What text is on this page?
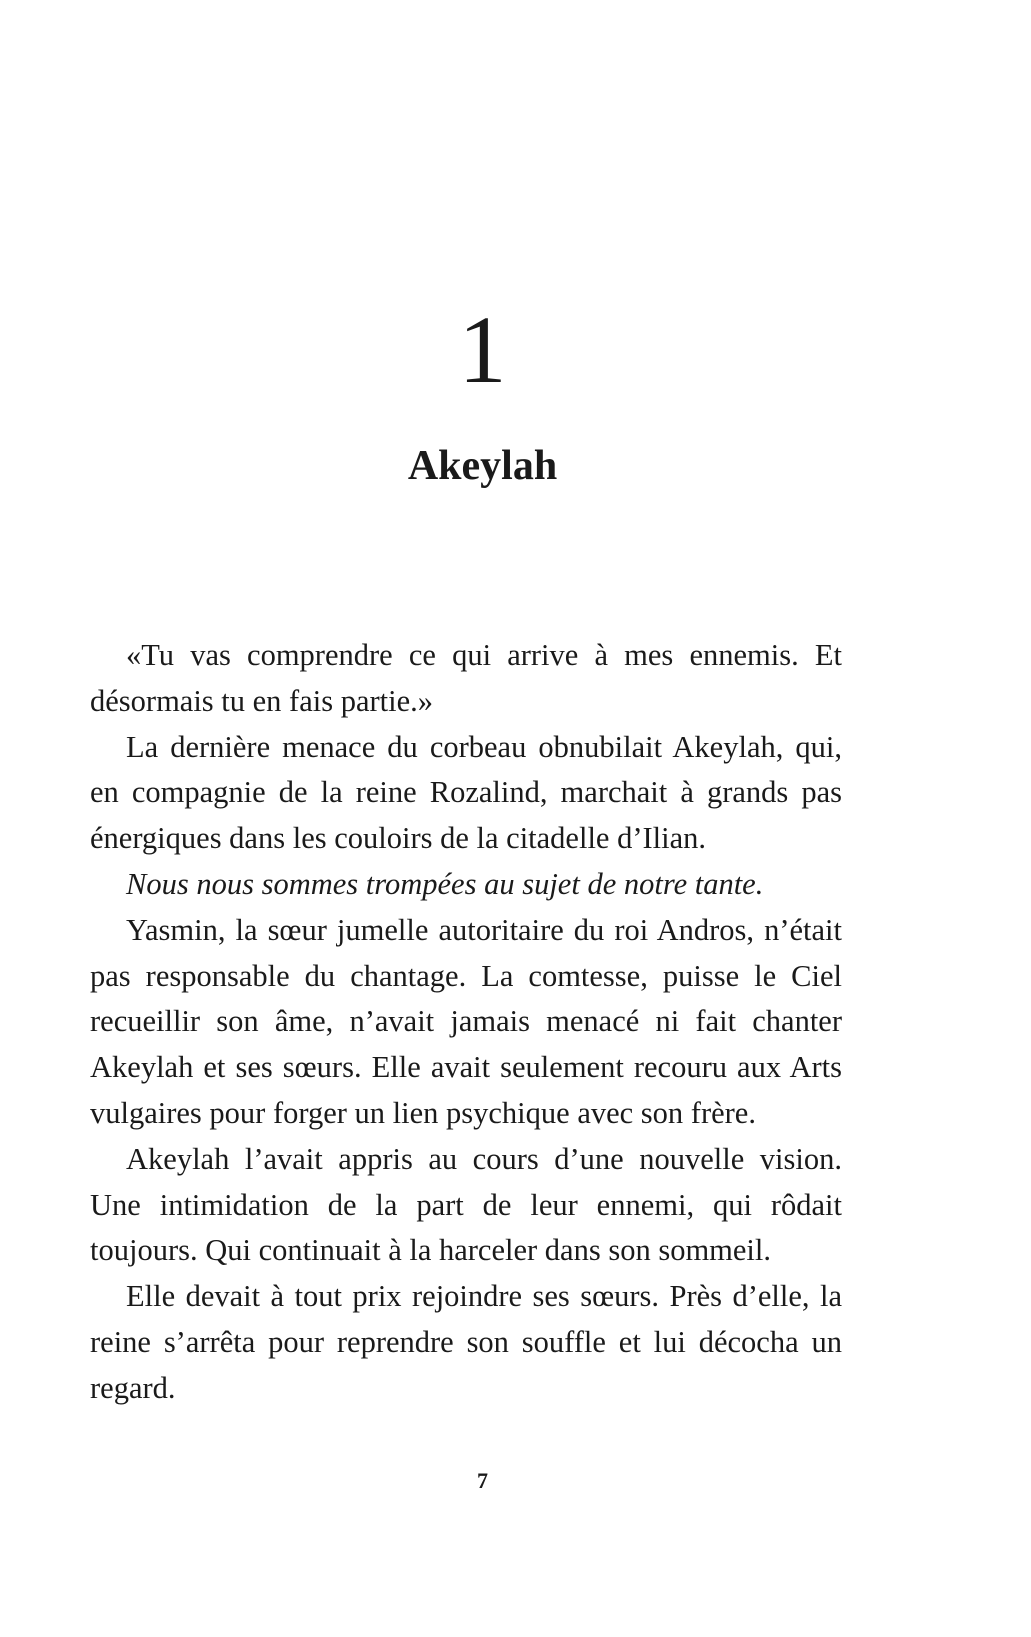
1
Akeylah

«Tu vas comprendre ce qui arrive à mes ennemis. Et désormais tu en fais partie.»

La dernière menace du corbeau obnubilait Akeylah, qui, en compagnie de la reine Rozalind, marchait à grands pas énergiques dans les couloirs de la citadelle d’Ilian.

Nous nous sommes trompées au sujet de notre tante.

Yasmin, la sœur jumelle autoritaire du roi Andros, n’était pas responsable du chantage. La comtesse, puisse le Ciel recueillir son âme, n’avait jamais menacé ni fait chanter Akeylah et ses sœurs. Elle avait seulement recouru aux Arts vulgaires pour forger un lien psychique avec son frère.

Akeylah l’avait appris au cours d’une nouvelle vision. Une intimidation de la part de leur ennemi, qui rôdait toujours. Qui continuait à la harceler dans son sommeil.

Elle devait à tout prix rejoindre ses sœurs. Près d’elle, la reine s’arrêta pour reprendre son souffle et lui décocha un regard.

7
